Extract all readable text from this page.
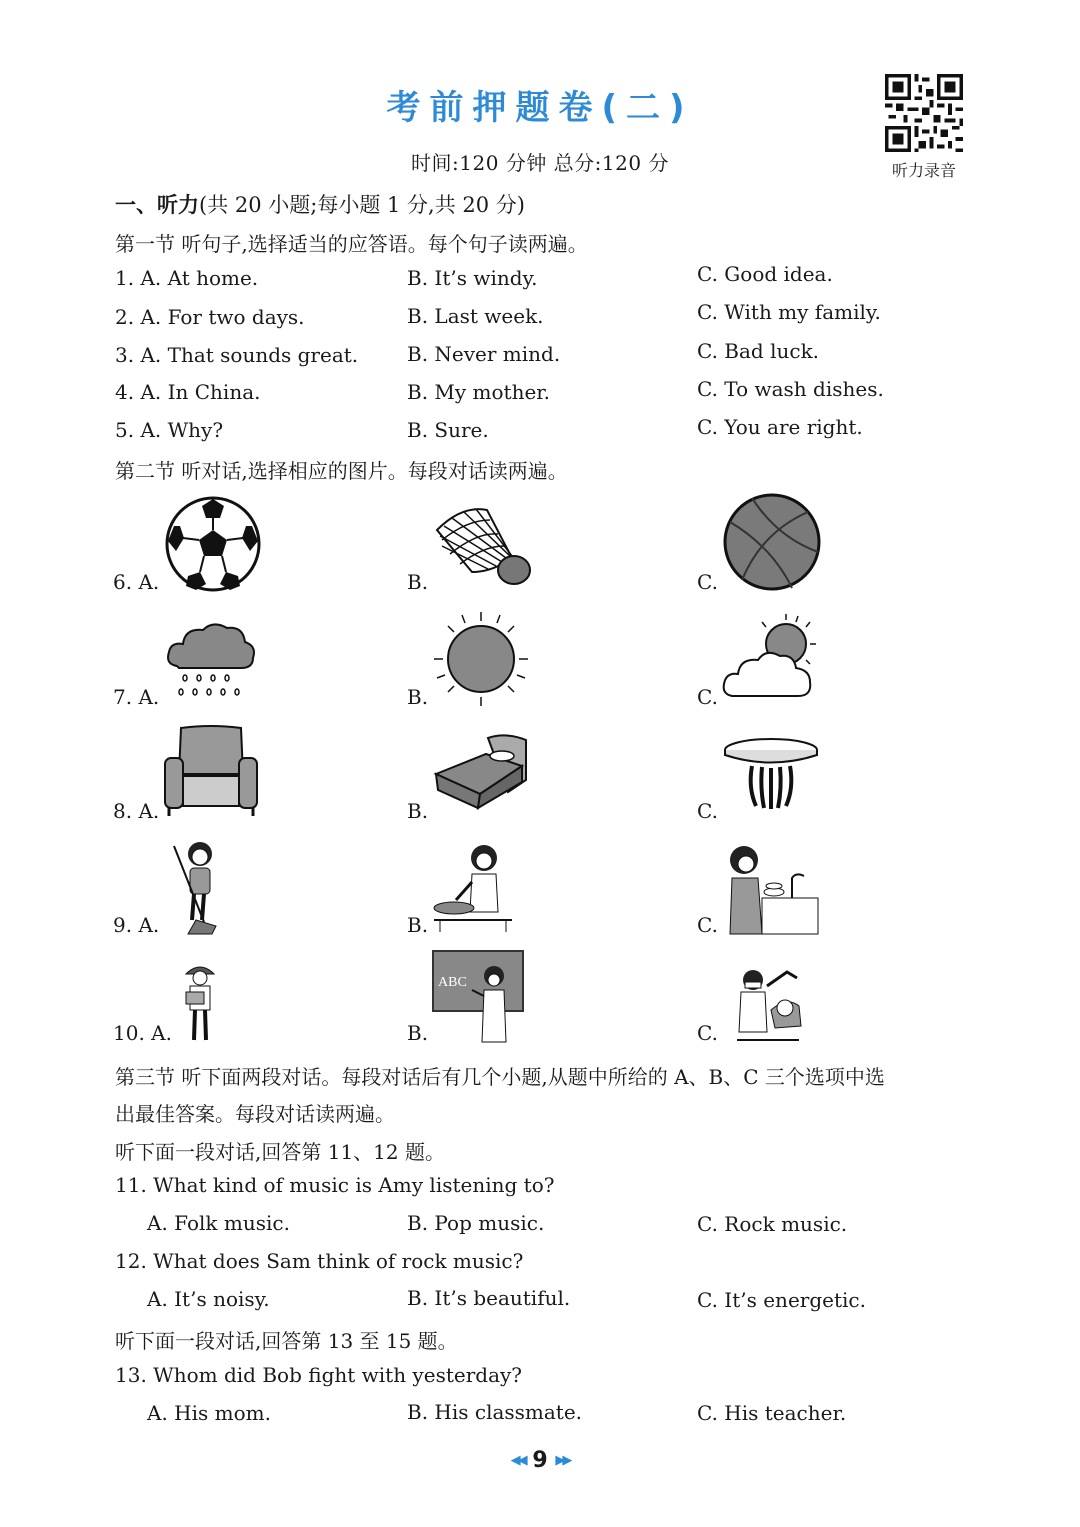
考前押题卷(二)
时间:120 分钟 总分:120 分	听力录音
一、听力(共 20 小题;每小题 1 分,共 20 分)
第一节 听句子,选择适当的应答语。每个句子读两遍。
1. A. At home.	B. It’s windy.	C. Good idea.
2. A. For two days.	B. Last week.	C. With my family.
3. A. That sounds great. B. Never mind.	C. Bad luck.
4. A. In China.	B. My mother.	C. To wash dishes.
5. A. Why?	B. Sure.	C. You are right.
第二节 听对话,选择相应的图片。每段对话读两遍。
6. A.	B.	C.
7. A.	B.	C.
8. A.	B.	C.
9. A.	B.	C.
10. A.	B.	C.
ABC
第三节 听下面两段对话。每段对话后有几个小题,从题中所给的 A、B、C 三个选项中选
出最佳答案。每段对话读两遍。
听下面一段对话,回答第 11、12 题。
11. What kind of music is Amy listening to?
A. Folk music.	B. Pop music.	C. Rock music.
12. What does Sam think of rock music?
A. It’s noisy.	B. It’s beautiful.	C. It’s energetic.
听下面一段对话,回答第 13 至 15 题。
13. Whom did Bob fight with yesterday?
A. His mom.	B. His classmate.	C. His teacher.
◀◀ 9 ▶▶
